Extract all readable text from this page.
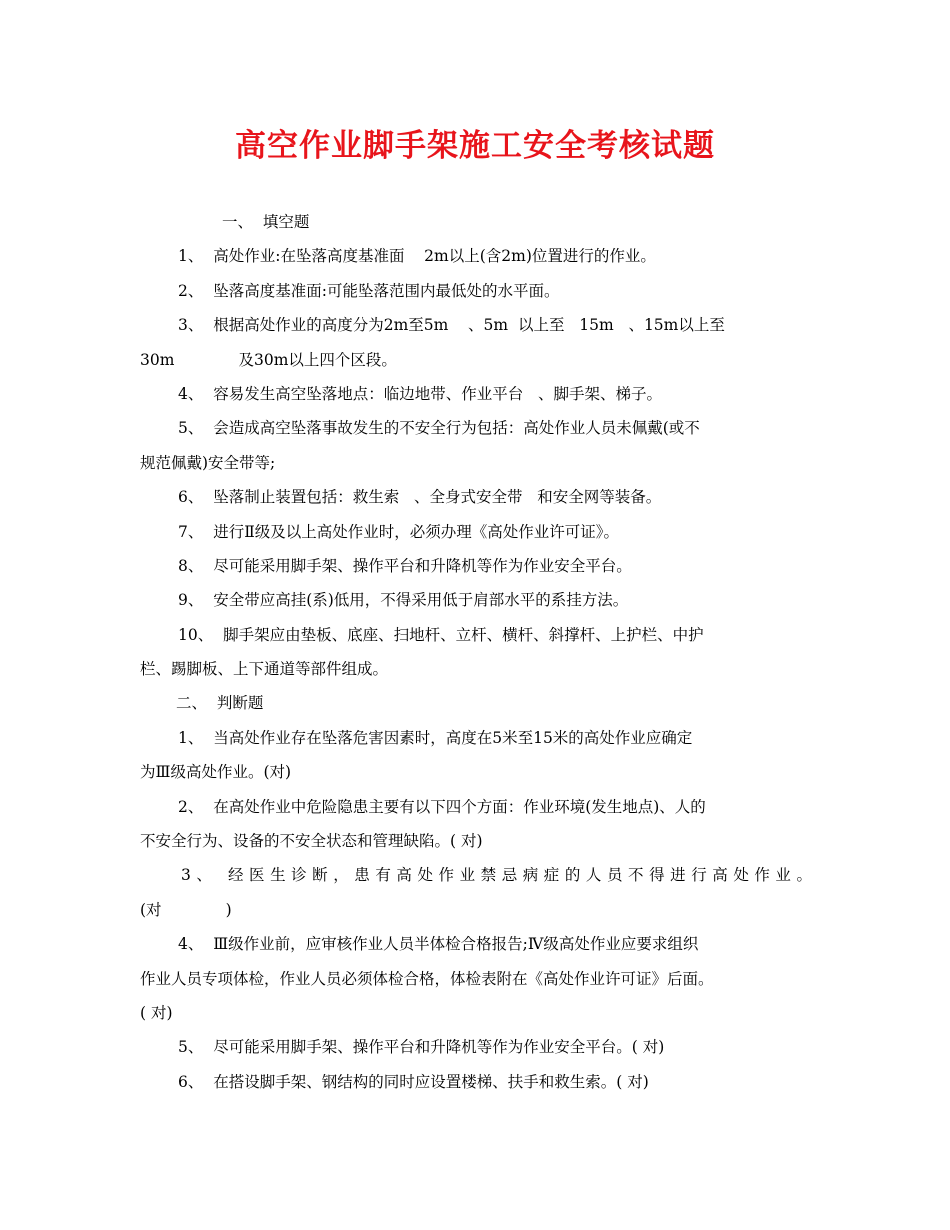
高空作业脚手架施工安全考核试题
一、  填空题
1、  高处作业:在坠落高度基准面    2m以上(含2m)位置进行的作业。
2、  坠落高度基准面:可能坠落范围内最低处的水平面。
3、  根据高处作业的高度分为2m至5m    、5m  以上至   15m   、15m以上至
30m             及30m以上四个区段。
4、  容易发生高空坠落地点：临边地带、作业平台   、脚手架、梯子。
5、  会造成高空坠落事故发生的不安全行为包括：高处作业人员未佩戴(或不
规范佩戴)安全带等;
6、  坠落制止装置包括：救生索   、全身式安全带   和安全网等装备。
7、  进行Ⅱ级及以上高处作业时，必须办理《高处作业许可证》。
8、  尽可能采用脚手架、操作平台和升降机等作为作业安全平台。
9、  安全带应高挂(系)低用，不得采用低于肩部水平的系挂方法。
10、  脚手架应由垫板、底座、扫地杆、立杆、横杆、斜撑杆、上护栏、中护
栏、踢脚板、上下通道等部件组成。
二、  判断题
1、  当高处作业存在坠落危害因素时，高度在5米至15米的高处作业应确定
为Ⅲ级高处作业。(对)
2、  在高处作业中危险隐患主要有以下四个方面：作业环境(发生地点)、人的
不安全行为、设备的不安全状态和管理缺陷。( 对)
3、 经医生诊断，患有高处作业禁忌病症的人员不得进行高处作业。
(对             )
4、  Ⅲ级作业前，应审核作业人员半体检合格报告;Ⅳ级高处作业应要求组织
作业人员专项体检，作业人员必须体检合格，体检表附在《高处作业许可证》后面。
( 对)
5、  尽可能采用脚手架、操作平台和升降机等作为作业安全平台。( 对)
6、  在搭设脚手架、钢结构的同时应设置楼梯、扶手和救生索。( 对)
